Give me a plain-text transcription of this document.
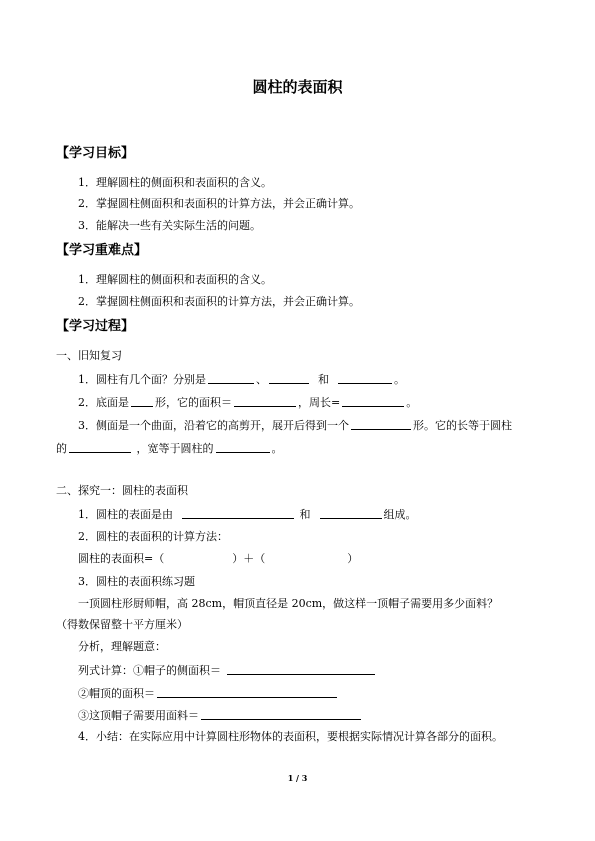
圆柱的表面积
【学习目标】
1．理解圆柱的侧面积和表面积的含义。
2．掌握圆柱侧面积和表面积的计算方法，并会正确计算。
3．能解决一些有关实际生活的问题。
【学习重难点】
1．理解圆柱的侧面积和表面积的含义。
2．掌握圆柱侧面积和表面积的计算方法，并会正确计算。
【学习过程】
一、旧知复习
1．圆柱有几个面？分别是	、	和	。
2．底面是 形，它的面积＝	，周长=	。
3．侧面是一个曲面，沿着它的高剪开，展开后得到一个	形。它的长等于圆柱
的	，宽等于圆柱的	。
二、探究一：圆柱的表面积
1．圆柱的表面是由	和	组成。
2．圆柱的表面积的计算方法：
圆柱的表面积=（	）＋（	）
3．圆柱的表面积练习题
一顶圆柱形厨师帽，高 28cm，帽顶直径是 20cm，做这样一顶帽子需要用多少面料？
（得数保留整十平方厘米）
分析，理解题意：
列式计算：①帽子的侧面积＝
②帽顶的面积＝
③这顶帽子需要用面料＝
4．小结：在实际应用中计算圆柱形物体的表面积，要根据实际情况计算各部分的面积。
1 / 3
